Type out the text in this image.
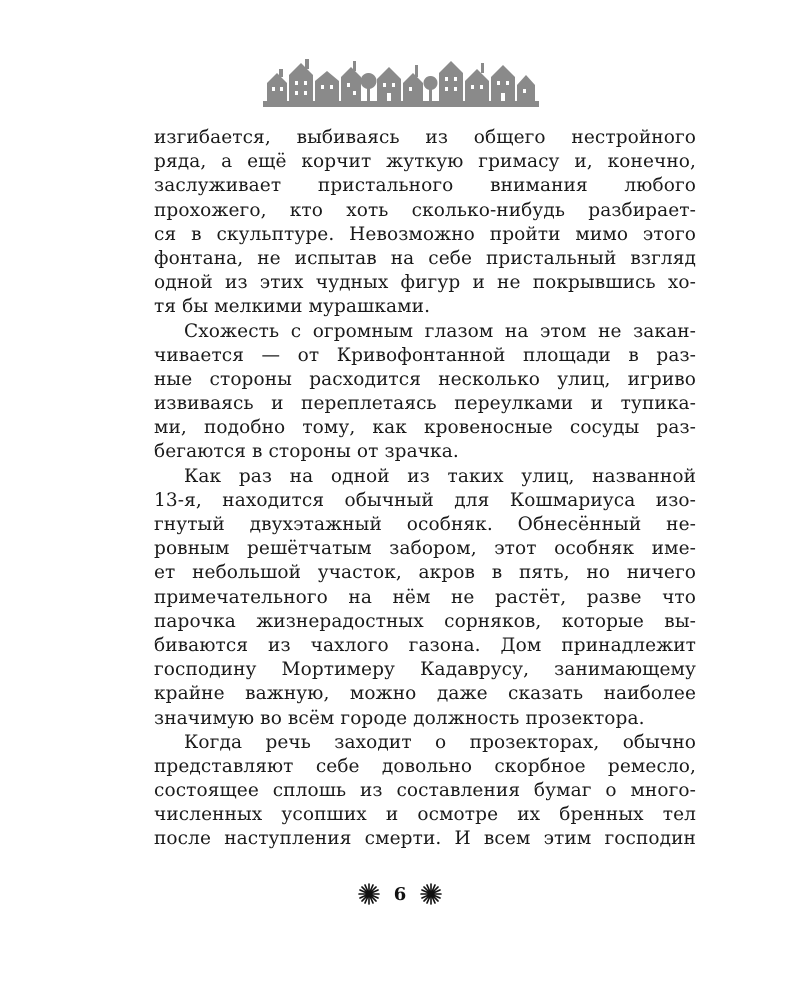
изгибается, выбиваясь из общего нестройного
ряда, а ещё корчит жуткую гримасу и, конечно,
заслуживает пристального внимания любого
прохожего, кто хоть сколько-нибудь разбирает-
ся в скульптуре. Невозможно пройти мимо этого
фонтана, не испытав на себе пристальный взгляд
одной из этих чудных фигур и не покрывшись хо-
тя бы мелкими мурашками.
Схожесть с огромным глазом на этом не закан-
чивается — от Кривофонтанной площади в раз-
ные стороны расходится несколько улиц, игриво
извиваясь и переплетаясь переулками и тупика-
ми, подобно тому, как кровеносные сосуды раз-
бегаются в стороны от зрачка.
Как раз на одной из таких улиц, названной
13-я, находится обычный для Кошмариуса изо-
гнутый двухэтажный особняк. Обнесённый не-
ровным решётчатым забором, этот особняк име-
ет небольшой участок, акров в пять, но ничего
примечательного на нём не растёт, разве что
парочка жизнерадостных сорняков, которые вы-
биваются из чахлого газона. Дом принадлежит
господину Мортимеру Кадаврусу, занимающему
крайне важную, можно даже сказать наиболее
значимую во всём городе должность прозектора.
Когда речь заходит о прозекторах, обычно
представляют себе довольно скорбное ремесло,
состоящее сплошь из составления бумаг о много-
численных усопших и осмотре их бренных тел
после наступления смерти. И всем этим господин
6
